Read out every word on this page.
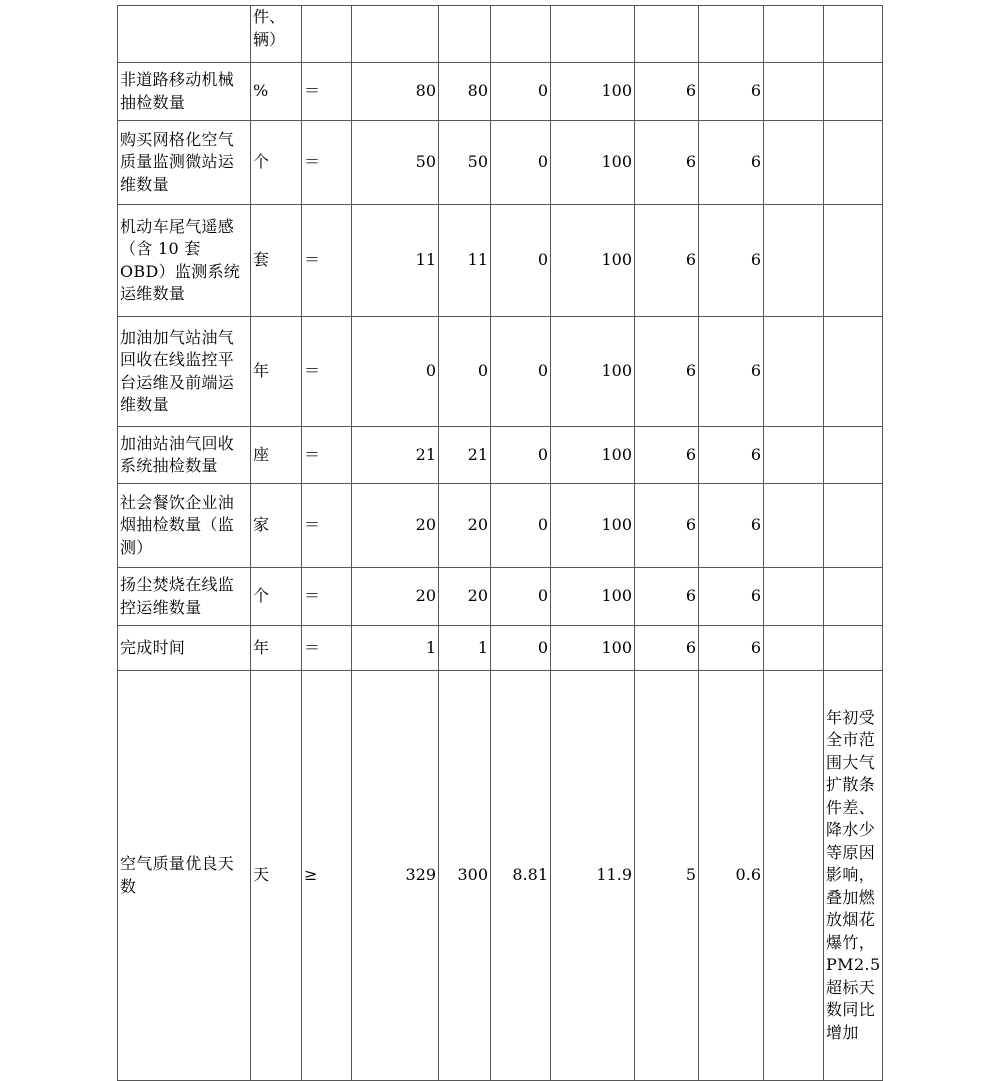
	件、辆）									
非道路移动机械抽检数量	%	＝	80	80	0	100	6	6		
购买网格化空气质量监测微站运维数量	个	＝	50	50	0	100	6	6		
机动车尾气遥感（含 10 套 OBD）监测系统运维数量	套	＝	11	11	0	100	6	6		
加油加气站油气回收在线监控平台运维及前端运维数量	年	＝	0	0	0	100	6	6		
加油站油气回收系统抽检数量	座	＝	21	21	0	100	6	6		
社会餐饮企业油烟抽检数量（监测）	家	＝	20	20	0	100	6	6		
扬尘焚烧在线监控运维数量	个	＝	20	20	0	100	6	6		
完成时间	年	＝	1	1	0	100	6	6		
空气质量优良天数	天	≥	329	300	8.81	11.9	5	0.6		年初受全市范围大气扩散条件差、降水少等原因影响，叠加燃放烟花爆竹，PM2.5超标天数同比增加
